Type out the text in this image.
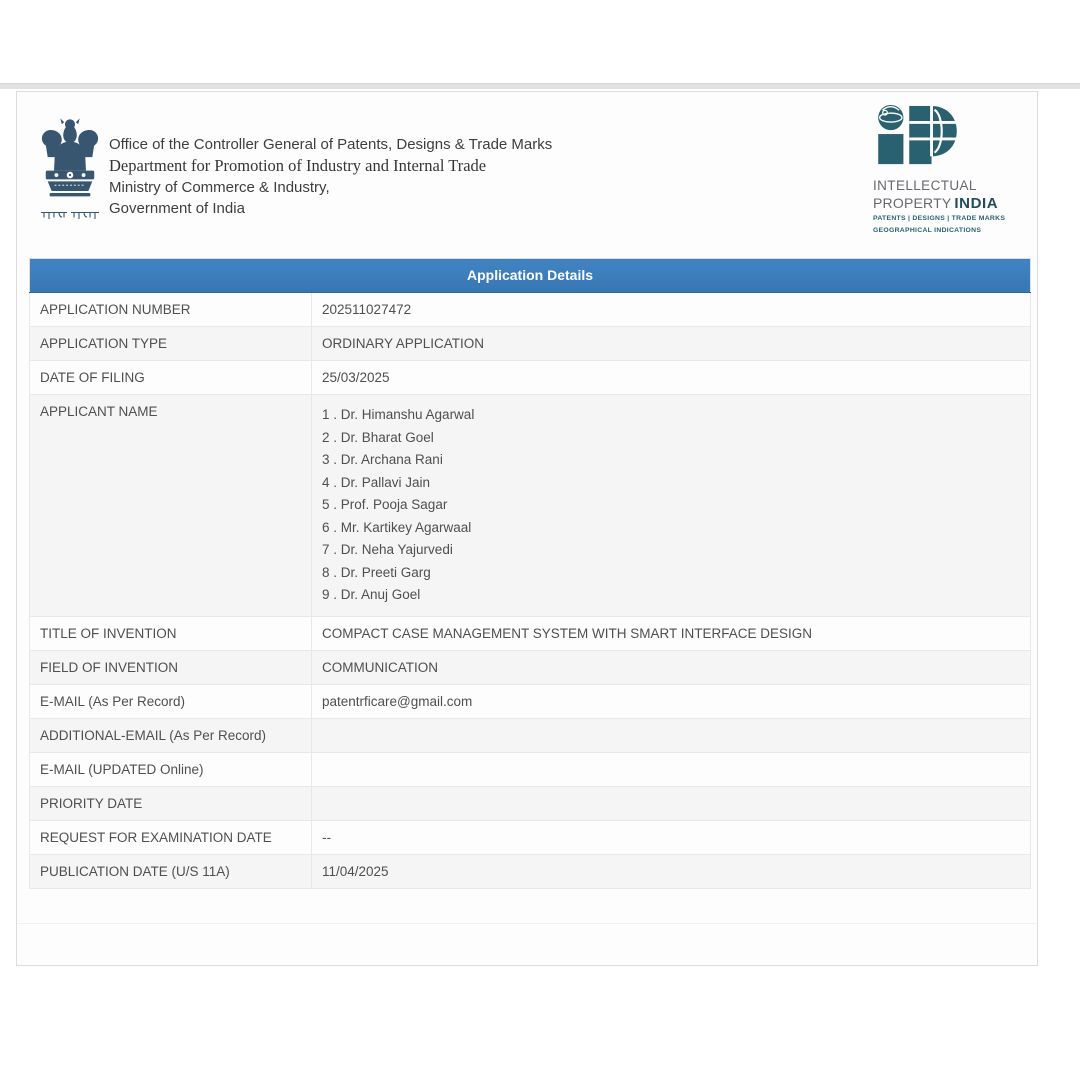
Office of the Controller General of Patents, Designs & Trade Marks
Department for Promotion of Industry and Internal Trade
Ministry of Commerce & Industry,
Government of India
INTELLECTUAL
PROPERTY INDIA
PATENTS | DESIGNS | TRADE MARKS
GEOGRAPHICAL INDICATIONS
Application Details	
APPLICATION NUMBER	202511027472
APPLICATION TYPE	ORDINARY APPLICATION
DATE OF FILING	25/03/2025
APPLICANT NAME	1 . Dr. Himanshu Agarwal
2 . Dr. Bharat Goel
3 . Dr. Archana Rani
4 . Dr. Pallavi Jain
5 . Prof. Pooja Sagar
6 . Mr. Kartikey Agarwaal
7 . Dr. Neha Yajurvedi
8 . Dr. Preeti Garg
9 . Dr. Anuj Goel

TITLE OF INVENTION	COMPACT CASE MANAGEMENT SYSTEM WITH SMART INTERFACE DESIGN
FIELD OF INVENTION	COMMUNICATION
E-MAIL (As Per Record)	patentrficare@gmail.com
ADDITIONAL-EMAIL (As Per Record)	
E-MAIL (UPDATED Online)	
PRIORITY DATE	
REQUEST FOR EXAMINATION DATE	--
PUBLICATION DATE (U/S 11A)	11/04/2025
